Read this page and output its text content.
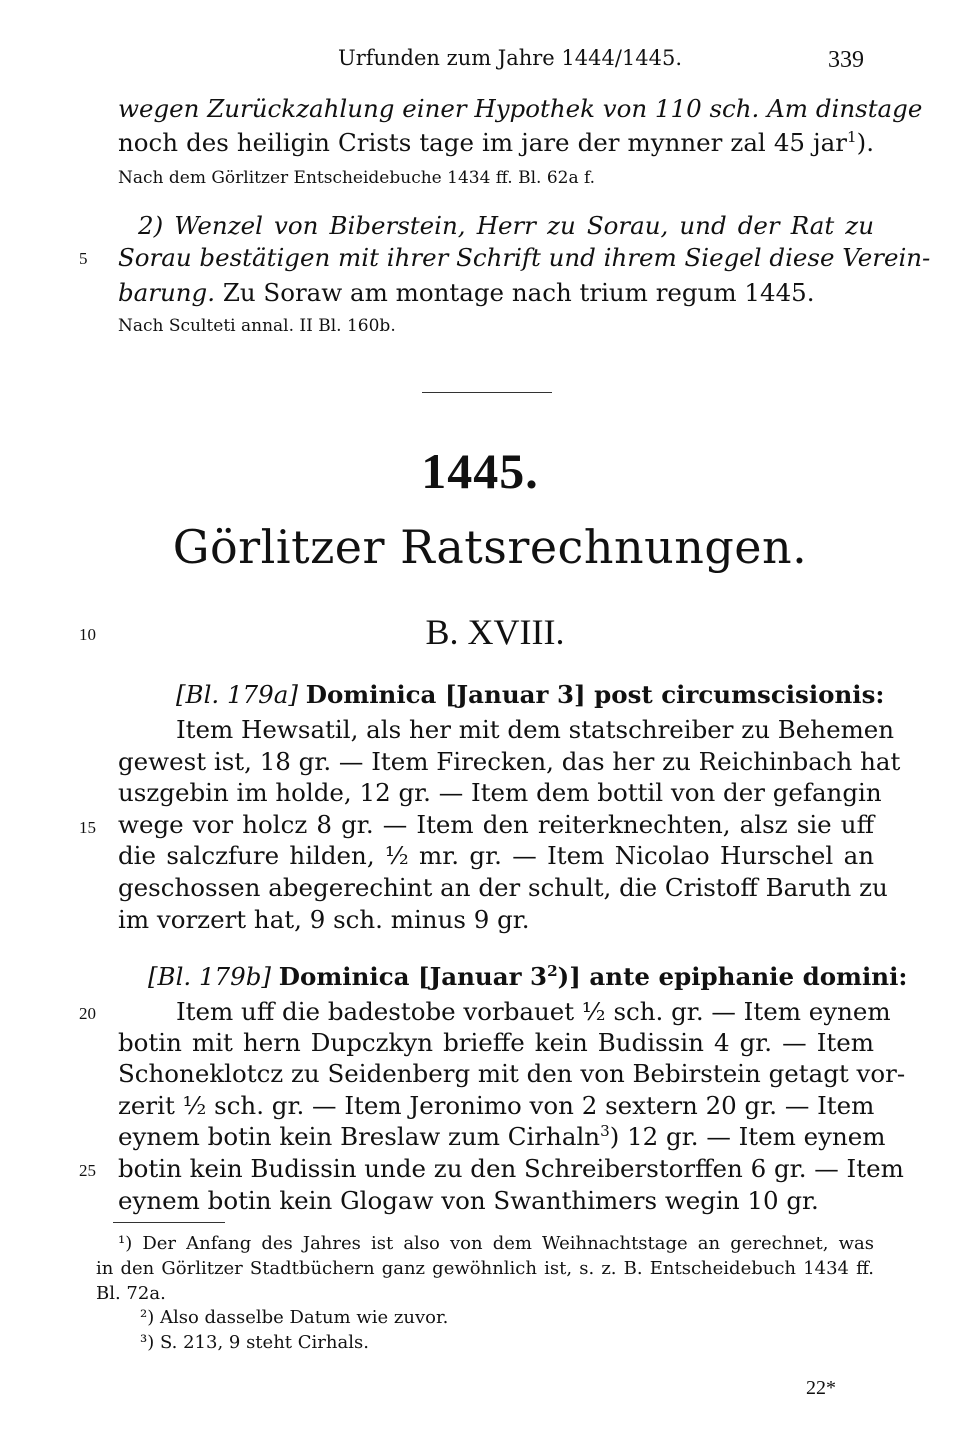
Urfunden zum Jahre 1444/1445.	339
wegen Zurückzahlung einer Hypothek von 110 sch. Am dinstage
noch des heiligin Crists tage im jare der mynner zal 45 jar$^1$).
Nach dem Görlitzer Entscheidebuche 1434 ff. Bl. 62a f.
2) Wenzel von Biberstein, Herr zu Sorau, und der Rat zu
5 Sorau bestätigen mit ihrer Schrift und ihrem Siegel diese Verein-
barung. Zu Soraw am montage nach trium regum 1445.
Nach Sculteti annal. II Bl. 160b.
1445.
Görlitzer Ratsrechnungen.
10	B. XVIII.
[Bl. 179a] Dominica [Januar 3] post circumscisionis:
Item Hewsatil, als her mit dem statschreiber zu Behemen
gewest ist, 18 gr. — Item Firecken, das her zu Reichinbach hat
uszgebin im holde, 12 gr. — Item dem bottil von der gefangin
wege vor holcz 8 gr. — Item den reiterknechten, alsz sie uff
15
die salczfure hilden, ½ mr. gr. — Item Nicolao Hurschel an
geschossen abegerechint an der schult, die Cristoff Baruth zu
im vorzert hat, 9 sch. minus 9 gr.
[Bl. 179b] Dominica [Januar $3^2$)] ante epiphanie domini:
20	Item uff die badestobe vorbauet ½ sch. gr. — Item eynem
botin mit hern Dupczkyn brieffe kein Budissin 4 gr. — Item
Schoneklotcz zu Seidenberg mit den von Bebirstein getagt vor-
zerit ½ sch. gr. — Item Jeronimo von 2 sextern 20 gr. — Item
eynem botin kein Breslaw zum Cirhaln$^3$) 12 gr. — Item eynem
25 botin kein Budissin unde zu den Schreiberstorffen 6 gr. — Item
eynem botin kein Glogaw von Swanthimers wegin 10 gr.
¹) Der Anfang des Jahres ist also von dem Weihnachtstage an gerechnet, was
in den Görlitzer Stadtbüchern ganz gewöhnlich ist, s. z. B. Entscheidebuch 1434 ff.
Bl. 72a.
²) Also dasselbe Datum wie zuvor.
³) S. 213, 9 steht Cirhals.
22*
